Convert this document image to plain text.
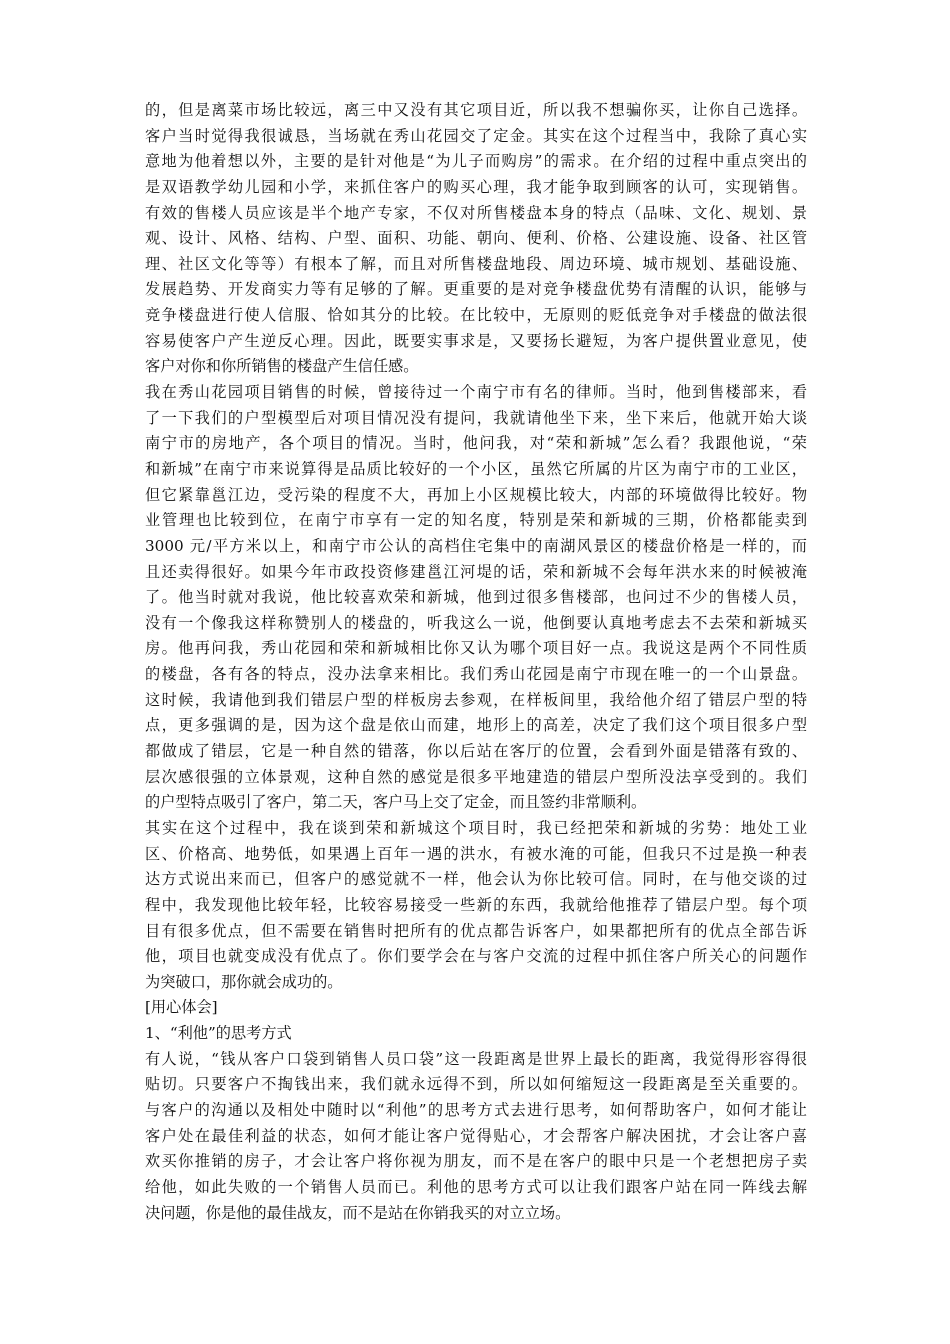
的，但是离菜市场比较远，离三中又没有其它项目近，所以我不想骗你买，让你自己选择。
客户当时觉得我很诚恳，当场就在秀山花园交了定金。其实在这个过程当中，我除了真心实
意地为他着想以外，主要的是针对他是“为儿子而购房”的需求。在介绍的过程中重点突出的
是双语教学幼儿园和小学，来抓住客户的购买心理，我才能争取到顾客的认可，实现销售。
有效的售楼人员应该是半个地产专家，不仅对所售楼盘本身的特点（品味、文化、规划、景
观、设计、风格、结构、户型、面积、功能、朝向、便利、价格、公建设施、设备、社区管
理、社区文化等等）有根本了解，而且对所售楼盘地段、周边环境、城市规划、基础设施、
发展趋势、开发商实力等有足够的了解。更重要的是对竞争楼盘优势有清醒的认识，能够与
竞争楼盘进行使人信服、恰如其分的比较。在比较中，无原则的贬低竞争对手楼盘的做法很
容易使客户产生逆反心理。因此，既要实事求是，又要扬长避短，为客户提供置业意见，使
客户对你和你所销售的楼盘产生信任感。
我在秀山花园项目销售的时候，曾接待过一个南宁市有名的律师。当时，他到售楼部来，看
了一下我们的户型模型后对项目情况没有提问，我就请他坐下来，坐下来后，他就开始大谈
南宁市的房地产，各个项目的情况。当时，他问我，对“荣和新城”怎么看？我跟他说，“荣
和新城”在南宁市来说算得是品质比较好的一个小区，虽然它所属的片区为南宁市的工业区，
但它紧靠邕江边，受污染的程度不大，再加上小区规模比较大，内部的环境做得比较好。物
业管理也比较到位，在南宁市享有一定的知名度，特别是荣和新城的三期，价格都能卖到
3000 元/平方米以上，和南宁市公认的高档住宅集中的南湖风景区的楼盘价格是一样的，而
且还卖得很好。如果今年市政投资修建邕江河堤的话，荣和新城不会每年洪水来的时候被淹
了。他当时就对我说，他比较喜欢荣和新城，他到过很多售楼部，也问过不少的售楼人员，
没有一个像我这样称赞别人的楼盘的，听我这么一说，他倒要认真地考虑去不去荣和新城买
房。他再问我，秀山花园和荣和新城相比你又认为哪个项目好一点。我说这是两个不同性质
的楼盘，各有各的特点，没办法拿来相比。我们秀山花园是南宁市现在唯一的一个山景盘。
这时候，我请他到我们错层户型的样板房去参观，在样板间里，我给他介绍了错层户型的特
点，更多强调的是，因为这个盘是依山而建，地形上的高差，决定了我们这个项目很多户型
都做成了错层，它是一种自然的错落，你以后站在客厅的位置，会看到外面是错落有致的、
层次感很强的立体景观，这种自然的感觉是很多平地建造的错层户型所没法享受到的。我们
的户型特点吸引了客户，第二天，客户马上交了定金，而且签约非常顺利。
其实在这个过程中，我在谈到荣和新城这个项目时，我已经把荣和新城的劣势：地处工业
区、价格高、地势低，如果遇上百年一遇的洪水，有被水淹的可能，但我只不过是换一种表
达方式说出来而已，但客户的感觉就不一样，他会认为你比较可信。同时，在与他交谈的过
程中，我发现他比较年轻，比较容易接受一些新的东西，我就给他推荐了错层户型。每个项
目有很多优点，但不需要在销售时把所有的优点都告诉客户，如果都把所有的优点全部告诉
他，项目也就变成没有优点了。你们要学会在与客户交流的过程中抓住客户所关心的问题作
为突破口，那你就会成功的。
[用心体会]
1、“利他”的思考方式
有人说，“钱从客户口袋到销售人员口袋”这一段距离是世界上最长的距离，我觉得形容得很
贴切。只要客户不掏钱出来，我们就永远得不到，所以如何缩短这一段距离是至关重要的。
与客户的沟通以及相处中随时以“利他”的思考方式去进行思考，如何帮助客户，如何才能让
客户处在最佳利益的状态，如何才能让客户觉得贴心，才会帮客户解决困扰，才会让客户喜
欢买你推销的房子，才会让客户将你视为朋友，而不是在客户的眼中只是一个老想把房子卖
给他，如此失败的一个销售人员而已。利他的思考方式可以让我们跟客户站在同一阵线去解
决问题，你是他的最佳战友，而不是站在你销我买的对立立场。
